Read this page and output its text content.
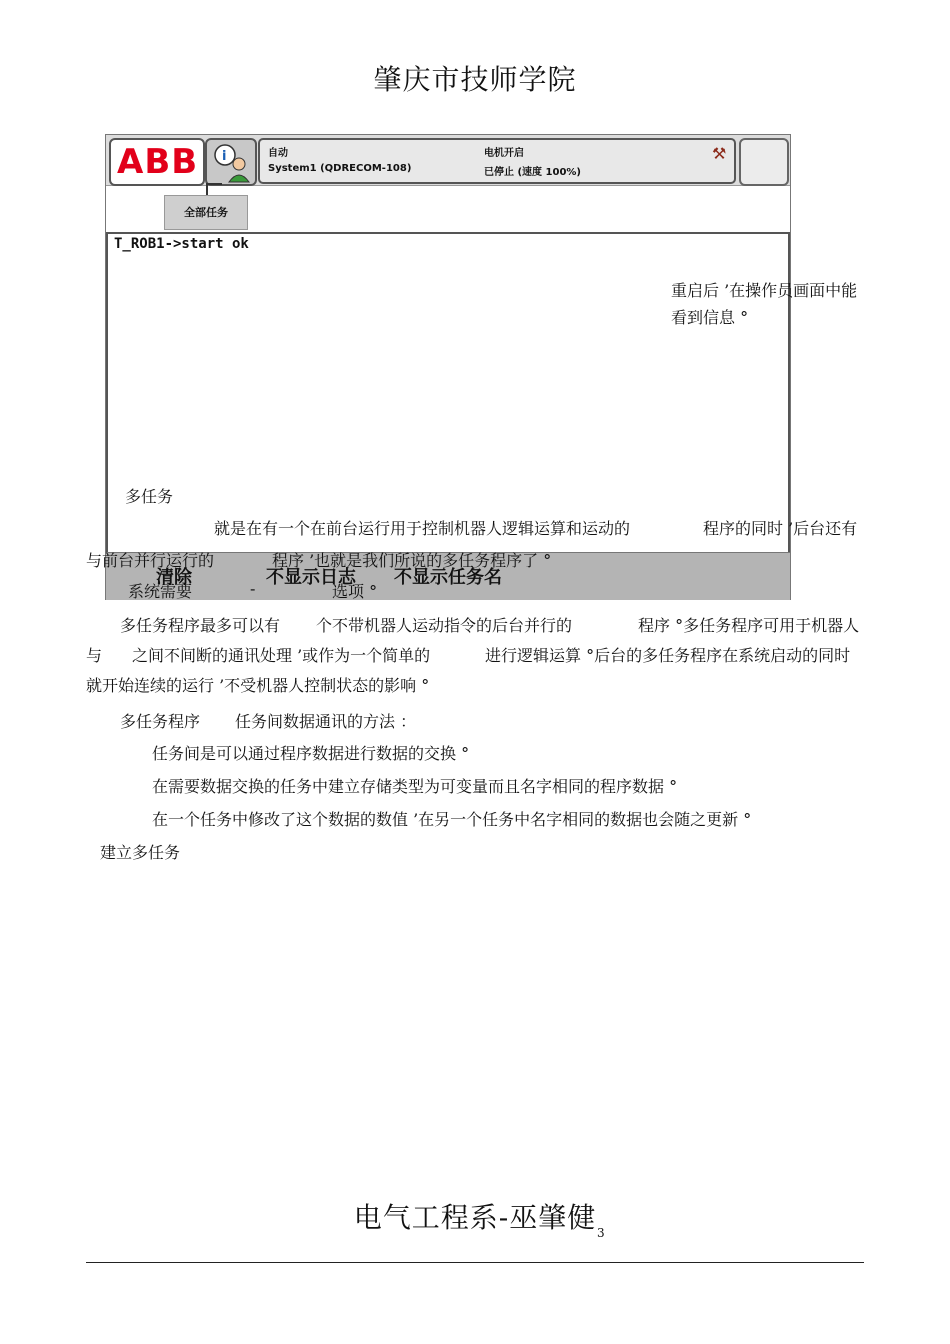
肇庆市技师学院
ABB i	自动
System1 (QDRECOM-108)
电机开启
已停止 (速度 100%)
⚒
全部任务
T_ROB1->start ok
清除	不显示日志 不显示任务名
重启后 ’在操作员画面中能
看到信息 °
多任务
就是在有一个在前台运行用于控制机器人逻辑运算和运动的	程序的同时 ’后台还有
与前台并行运行的	程序 ’也就是我们所说的多任务程序了 °
系统需要	-	选项 °
多任务程序最多可以有 个不带机器人运动指令的后台并行的	程序 °多任务程序可用于机器人
与 之间不间断的通讯处理 ’或作为一个简单的	进行逻辑运算 °后台的多任务程序在系统启动的同时
就开始连续的运行 ’不受机器人控制状态的影响 °
多任务程序 任务间数据通讯的方法 ：
任务间是可以通过程序数据进行数据的交换 °
在需要数据交换的任务中建立存储类型为可变量而且名字相同的程序数据 °
在一个任务中修改了这个数据的数值 ’在另一个任务中名字相同的数据也会随之更新 °
建立多任务
电气工程系-巫肇健 3
